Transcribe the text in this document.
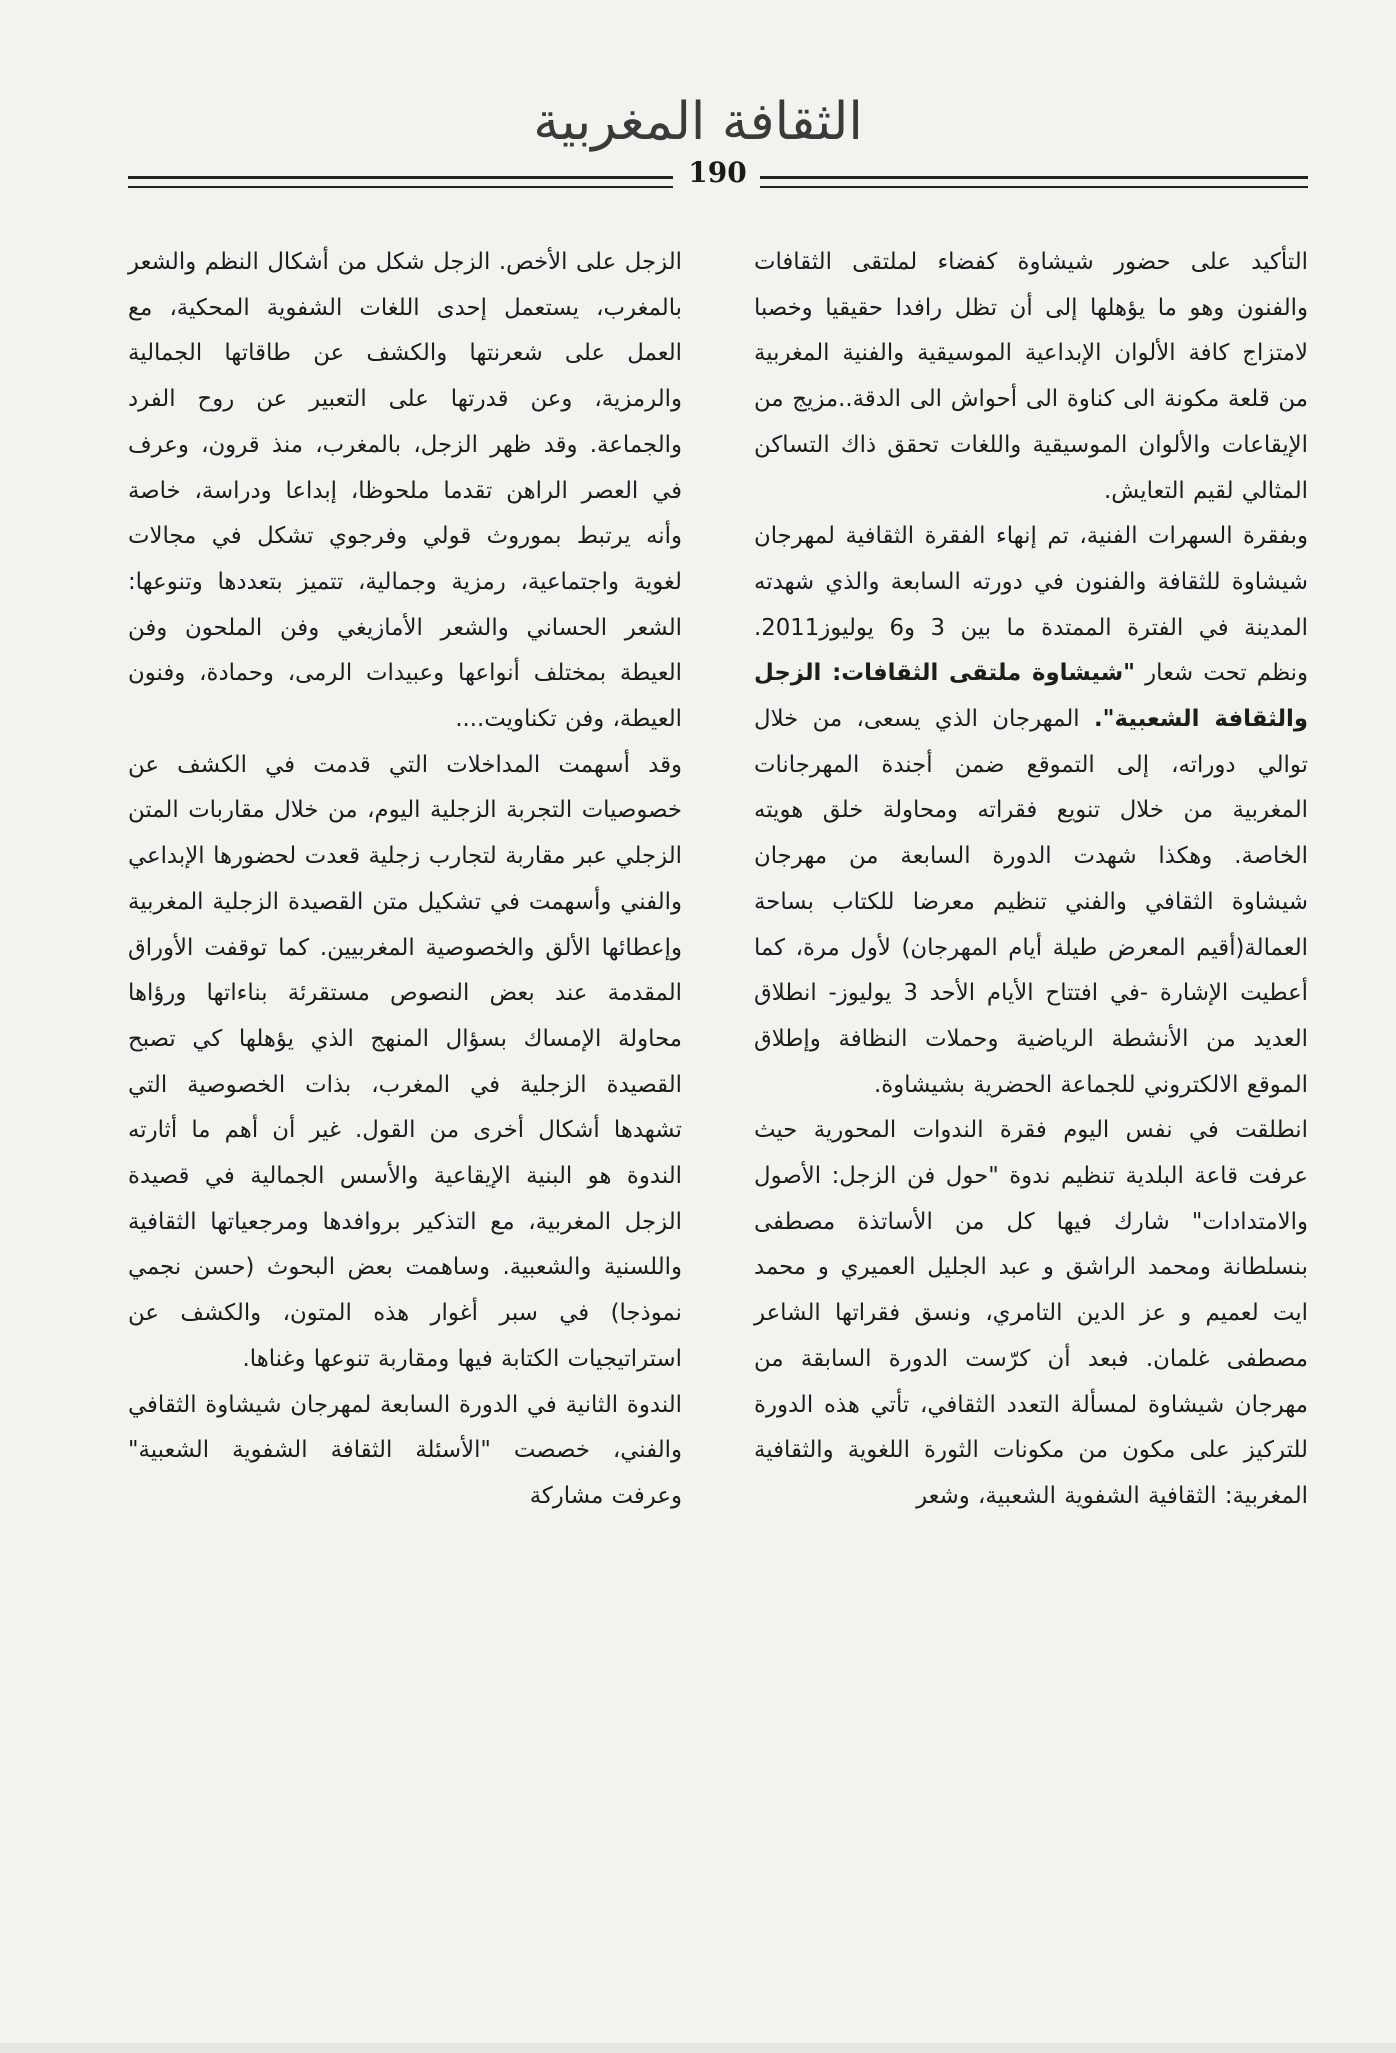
الثقافة المغربية
190

التأكيد على حضور شيشاوة كفضاء لملتقى الثقافات والفنون وهو ما يؤهلها إلى أن تظل رافدا حقيقيا وخصبا لامتزاج كافة الألوان الإبداعية الموسيقية والفنية المغربية من قلعة مكونة الى كناوة الى أحواش الى الدقة..مزيج من الإيقاعات والألوان الموسيقية واللغات تحقق ذاك التساكن المثالي لقيم التعايش.

وبفقرة السهرات الفنية، تم إنهاء الفقرة الثقافية لمهرجان شيشاوة للثقافة والفنون في دورته السابعة والذي شهدته المدينة في الفترة الممتدة ما بين 3 و6 يوليوز2011. ونظم تحت شعار "شيشاوة ملتقى الثقافات: الزجل والثقافة الشعبية". المهرجان الذي يسعى، من خلال توالي دوراته، إلى التموقع ضمن أجندة المهرجانات المغربية من خلال تنويع فقراته ومحاولة خلق هويته الخاصة. وهكذا شهدت الدورة السابعة من مهرجان شيشاوة الثقافي والفني تنظيم معرضا للكتاب بساحة العمالة(أقيم المعرض طيلة أيام المهرجان) لأول مرة، كما أعطيت الإشارة -في افتتاح الأيام الأحد 3 يوليوز- انطلاق العديد من الأنشطة الرياضية وحملات النظافة وإطلاق الموقع الالكتروني للجماعة الحضرية بشيشاوة.

انطلقت في نفس اليوم فقرة الندوات المحورية حيث عرفت قاعة البلدية تنظيم ندوة "حول فن الزجل: الأصول والامتدادات" شارك فيها كل من الأساتذة مصطفى بنسلطانة ومحمد الراشق و عبد الجليل العميري و محمد ايت لعميم و عز الدين التامري، ونسق فقراتها الشاعر مصطفى غلمان. فبعد أن كرّست الدورة السابقة من مهرجان شيشاوة لمسألة التعدد الثقافي، تأتي هذه الدورة للتركيز على مكون من مكونات الثورة اللغوية والثقافية المغربية: الثقافية الشفوية الشعبية، وشعر

الزجل على الأخص. الزجل شكل من أشكال النظم والشعر بالمغرب، يستعمل إحدى اللغات الشفوية المحكية، مع العمل على شعرنتها والكشف عن طاقاتها الجمالية والرمزية، وعن قدرتها على التعبير عن روح الفرد والجماعة. وقد ظهر الزجل، بالمغرب، منذ قرون، وعرف في العصر الراهن تقدما ملحوظا، إبداعا ودراسة، خاصة وأنه يرتبط بموروث قولي وفرجوي تشكل في مجالات لغوية واجتماعية، رمزية وجمالية، تتميز بتعددها وتنوعها: الشعر الحساني والشعر الأمازيغي وفن الملحون وفن العيطة بمختلف أنواعها وعبيدات الرمى، وحمادة، وفنون العيطة، وفن تكناويت....

وقد أسهمت المداخلات التي قدمت في الكشف عن خصوصيات التجربة الزجلية اليوم، من خلال مقاربات المتن الزجلي عبر مقاربة لتجارب زجلية قعدت لحضورها الإبداعي والفني وأسهمت في تشكيل متن القصيدة الزجلية المغربية وإعطائها الألق والخصوصية المغربيين. كما توقفت الأوراق المقدمة عند بعض النصوص مستقرئة بناءاتها ورؤاها محاولة الإمساك بسؤال المنهج الذي يؤهلها كي تصبح القصيدة الزجلية في المغرب، بذات الخصوصية التي تشهدها أشكال أخرى من القول. غير أن أهم ما أثارته الندوة هو البنية الإيقاعية والأسس الجمالية في قصيدة الزجل المغربية، مع التذكير بروافدها ومرجعياتها الثقافية واللسنية والشعبية. وساهمت بعض البحوث (حسن نجمي نموذجا) في سبر أغوار هذه المتون، والكشف عن استراتيجيات الكتابة فيها ومقاربة تنوعها وغناها.

الندوة الثانية في الدورة السابعة لمهرجان شيشاوة الثقافي والفني، خصصت "الأسئلة الثقافة الشفوية الشعبية" وعرفت مشاركة
